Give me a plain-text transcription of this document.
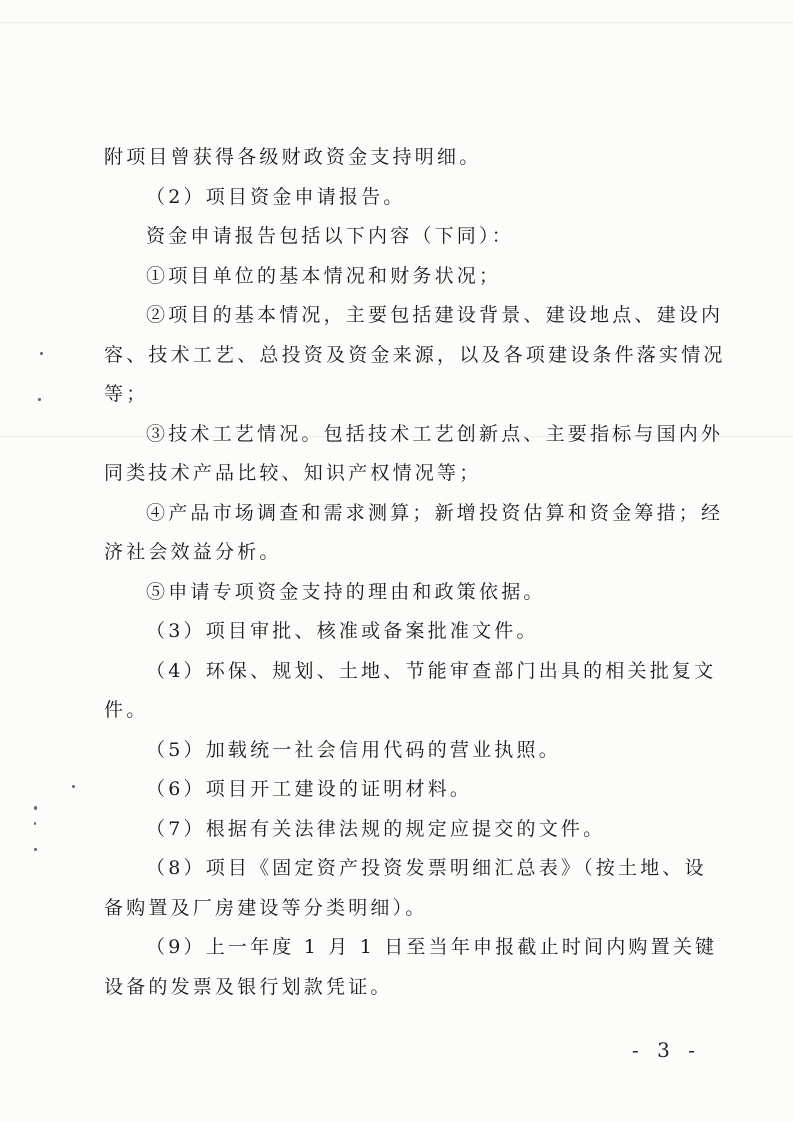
附项目曾获得各级财政资金支持明细。
（2）项目资金申请报告。
资金申请报告包括以下内容（下同）：
①项目单位的基本情况和财务状况；
②项目的基本情况，主要包括建设背景、建设地点、建设内
容、技术工艺、总投资及资金来源，以及各项建设条件落实情况
等；
③技术工艺情况。包括技术工艺创新点、主要指标与国内外
同类技术产品比较、知识产权情况等；
④产品市场调查和需求测算；新增投资估算和资金筹措；经
济社会效益分析。
⑤申请专项资金支持的理由和政策依据。
（3）项目审批、核准或备案批准文件。
（4）环保、规划、土地、节能审查部门出具的相关批复文
件。
（5）加载统一社会信用代码的营业执照。
（6）项目开工建设的证明材料。
（7）根据有关法律法规的规定应提交的文件。
（8）项目《固定资产投资发票明细汇总表》（按土地、设
备购置及厂房建设等分类明细）。
（9）上一年度 1 月 1 日至当年申报截止时间内购置关键
设备的发票及银行划款凭证。
- 3 -
